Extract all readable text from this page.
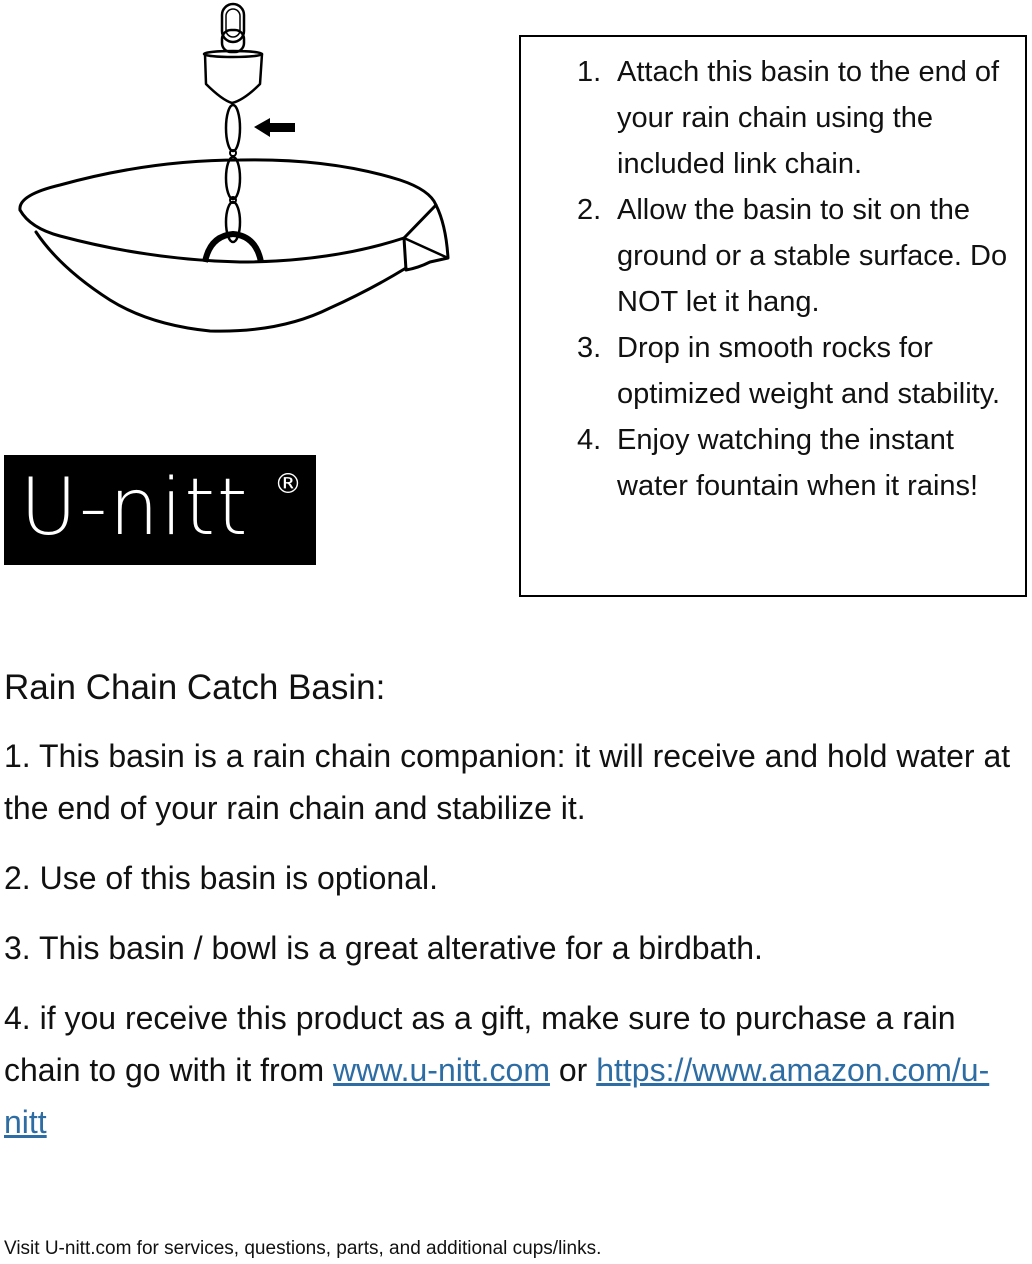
U-nitt ®
1. Attach this basin to the end of your rain chain using the included link chain.
2. Allow the basin to sit on the ground or a stable surface. Do NOT let it hang.
3. Drop in smooth rocks for optimized weight and stability.
4. Enjoy watching the instant water fountain when it rains!
Rain Chain Catch Basin:

1. This basin is a rain chain companion: it will receive and hold water at the end of your rain chain and stabilize it.

2. Use of this basin is optional.

3. This basin / bowl is a great alterative for a birdbath.

4. if you receive this product as a gift, make sure to purchase a rain chain to go with it from www.u-nitt.com or https://www.amazon.com/u-nitt

Visit U-nitt.com for services, questions, parts, and additional cups/links.
